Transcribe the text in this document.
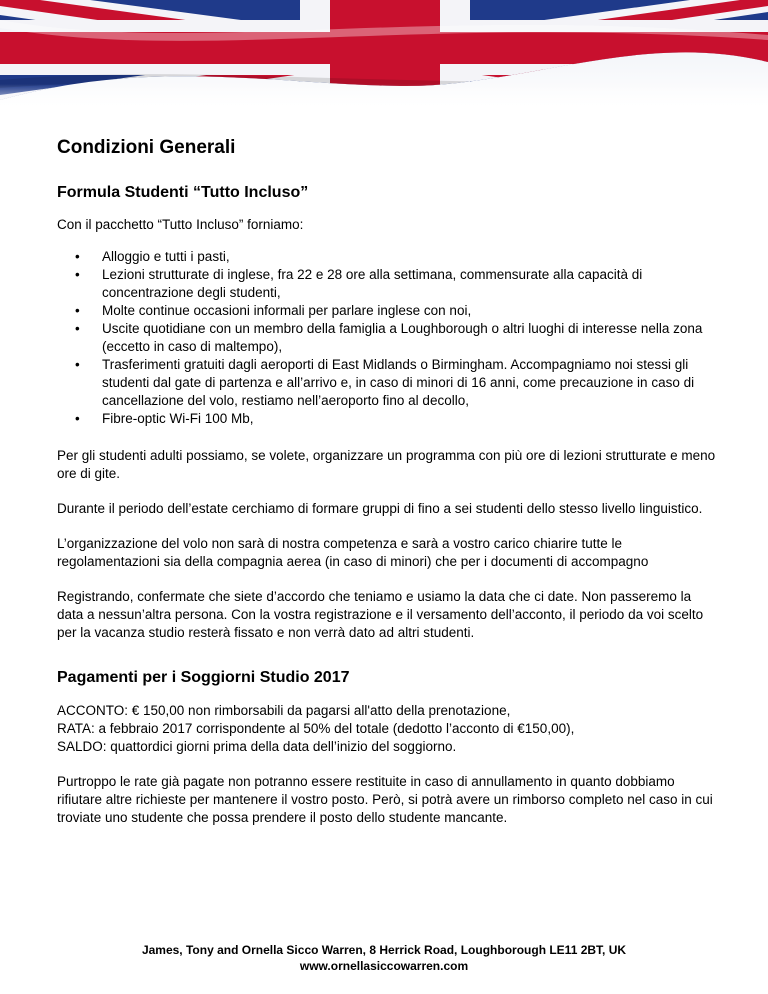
Condizioni Generali
Formula Studenti “Tutto Incluso”

Con il pacchetto “Tutto Incluso” forniamo:

• Alloggio e tutti i pasti,
• Lezioni strutturate di inglese, fra 22 e 28 ore alla settimana, commensurate alla capacità di concentrazione degli studenti,
• Molte continue occasioni informali per parlare inglese con noi,
• Uscite quotidiane con un membro della famiglia a Loughborough o altri luoghi di interesse nella zona (eccetto in caso di maltempo),
• Trasferimenti gratuiti dagli aeroporti di East Midlands o Birmingham. Accompagniamo noi stessi gli studenti dal gate di partenza e all’arrivo e, in caso di minori di 16 anni, come precauzione in caso di cancellazione del volo, restiamo nell’aeroporto fino al decollo,
• Fibre-optic Wi-Fi 100 Mb,

Per gli studenti adulti possiamo, se volete, organizzare un programma con più ore di lezioni strutturate e meno ore di gite.

Durante il periodo dell’estate cerchiamo di formare gruppi di fino a sei studenti dello stesso livello linguistico.

L’organizzazione del volo non sarà di nostra competenza e sarà a vostro carico chiarire tutte le regolamentazioni sia della compagnia aerea (in caso di minori) che per i documenti di accompagno

Registrando, confermate che siete d’accordo che teniamo e usiamo la data che ci date. Non passeremo la data a nessun’altra persona. Con la vostra registrazione e il versamento dell’acconto, il periodo da voi scelto per la vacanza studio resterà fissato e non verrà dato ad altri studenti.

Pagamenti per i Soggiorni Studio 2017

ACCONTO: € 150,00 non rimborsabili da pagarsi all'atto della prenotazione,
RATA: a febbraio 2017 corrispondente al 50% del totale (dedotto l’acconto di €150,00),
SALDO: quattordici giorni prima della data dell’inizio del soggiorno.

Purtroppo le rate già pagate non potranno essere restituite in caso di annullamento in quanto dobbiamo rifiutare altre richieste per mantenere il vostro posto. Però, si potrà avere un rimborso completo nel caso in cui troviate uno studente che possa prendere il posto dello studente mancante.

James, Tony and Ornella Sicco Warren, 8 Herrick Road, Loughborough LE11 2BT, UK
www.ornellasiccowarren.com
